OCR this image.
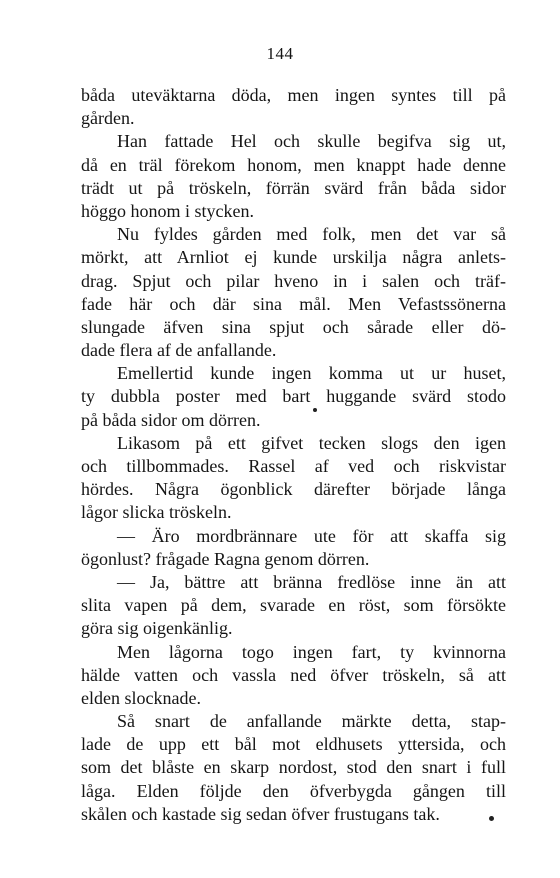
144
båda uteväktarna döda, men ingen syntes till på
gården.
Han fattade Hel och skulle begifva sig ut,
då en träl förekom honom, men knappt hade denne
trädt ut på tröskeln, förrän svärd från båda sidor
höggo honom i stycken.
Nu fyldes gården med folk, men det var så
mörkt, att Arnliot ej kunde urskilja några anlets-
drag. Spjut och pilar hveno in i salen och träf-
fade här och där sina mål. Men Vefastssönerna
slungade äfven sina spjut och sårade eller dö-
dade flera af de anfallande.
Emellertid kunde ingen komma ut ur huset,
ty dubbla poster med bart huggande svärd stodo
på båda sidor om dörren.
Likasom på ett gifvet tecken slogs den igen
och tillbommades. Rassel af ved och riskvistar
hördes. Några ögonblick därefter började långa
lågor slicka tröskeln.
— Äro mordbrännare ute för att skaffa sig
ögonlust? frågade Ragna genom dörren.
— Ja, bättre att bränna fredlöse inne än att
slita vapen på dem, svarade en röst, som försökte
göra sig oigenkänlig.
Men lågorna togo ingen fart, ty kvinnorna
hälde vatten och vassla ned öfver tröskeln, så att
elden slocknade.
Så snart de anfallande märkte detta, stap-
lade de upp ett bål mot eldhusets yttersida, och
som det blåste en skarp nordost, stod den snart i full
låga. Elden följde den öfverbygda gången till
skålen och kastade sig sedan öfver frustugans tak.
